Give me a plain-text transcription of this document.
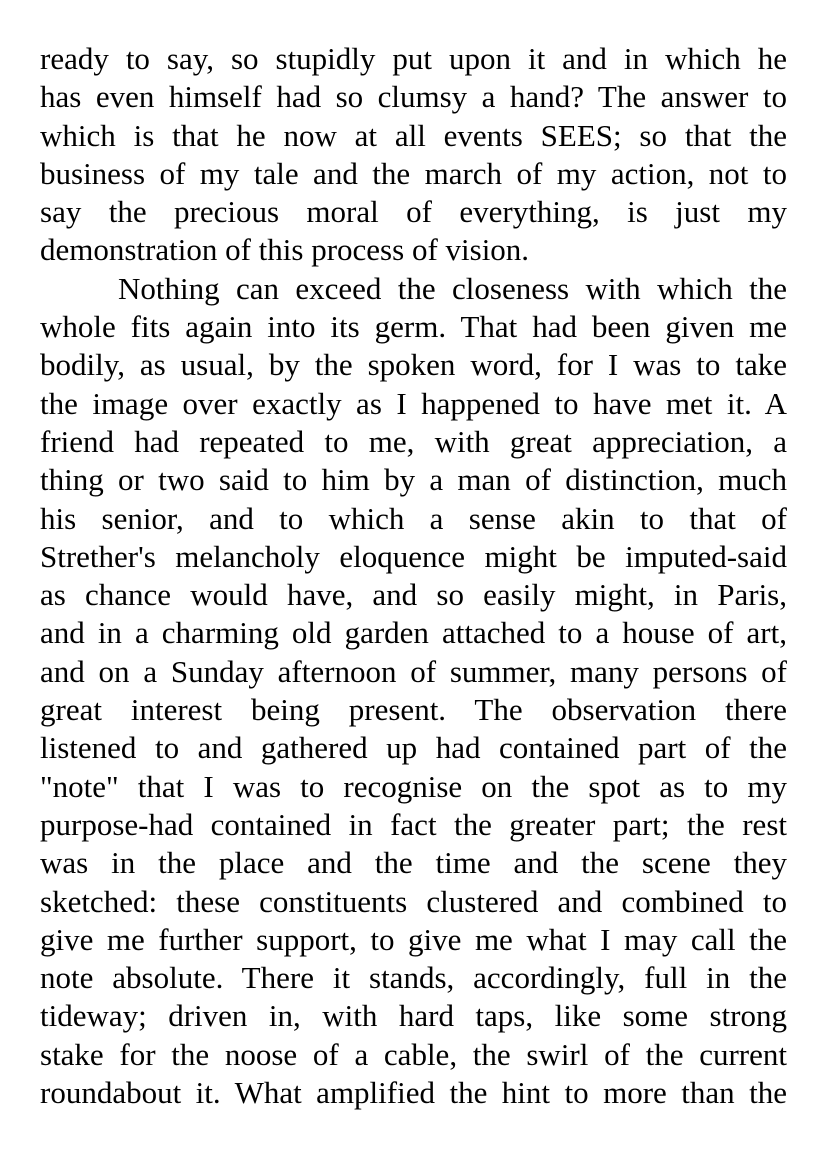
ready to say, so stupidly put upon it and in which he
has even himself had so clumsy a hand? The answer to
which is that he now at all events SEES; so that the
business of my tale and the march of my action, not to
say the precious moral of everything, is just my
demonstration of this process of vision.
Nothing can exceed the closeness with which the
whole fits again into its germ. That had been given me
bodily, as usual, by the spoken word, for I was to take
the image over exactly as I happened to have met it. A
friend had repeated to me, with great appreciation, a
thing or two said to him by a man of distinction, much
his senior, and to which a sense akin to that of
Strether's melancholy eloquence might be imputed-said
as chance would have, and so easily might, in Paris,
and in a charming old garden attached to a house of art,
and on a Sunday afternoon of summer, many persons of
great interest being present. The observation there
listened to and gathered up had contained part of the
"note" that I was to recognise on the spot as to my
purpose-had contained in fact the greater part; the rest
was in the place and the time and the scene they
sketched: these constituents clustered and combined to
give me further support, to give me what I may call the
note absolute. There it stands, accordingly, full in the
tideway; driven in, with hard taps, like some strong
stake for the noose of a cable, the swirl of the current
roundabout it. What amplified the hint to more than the
